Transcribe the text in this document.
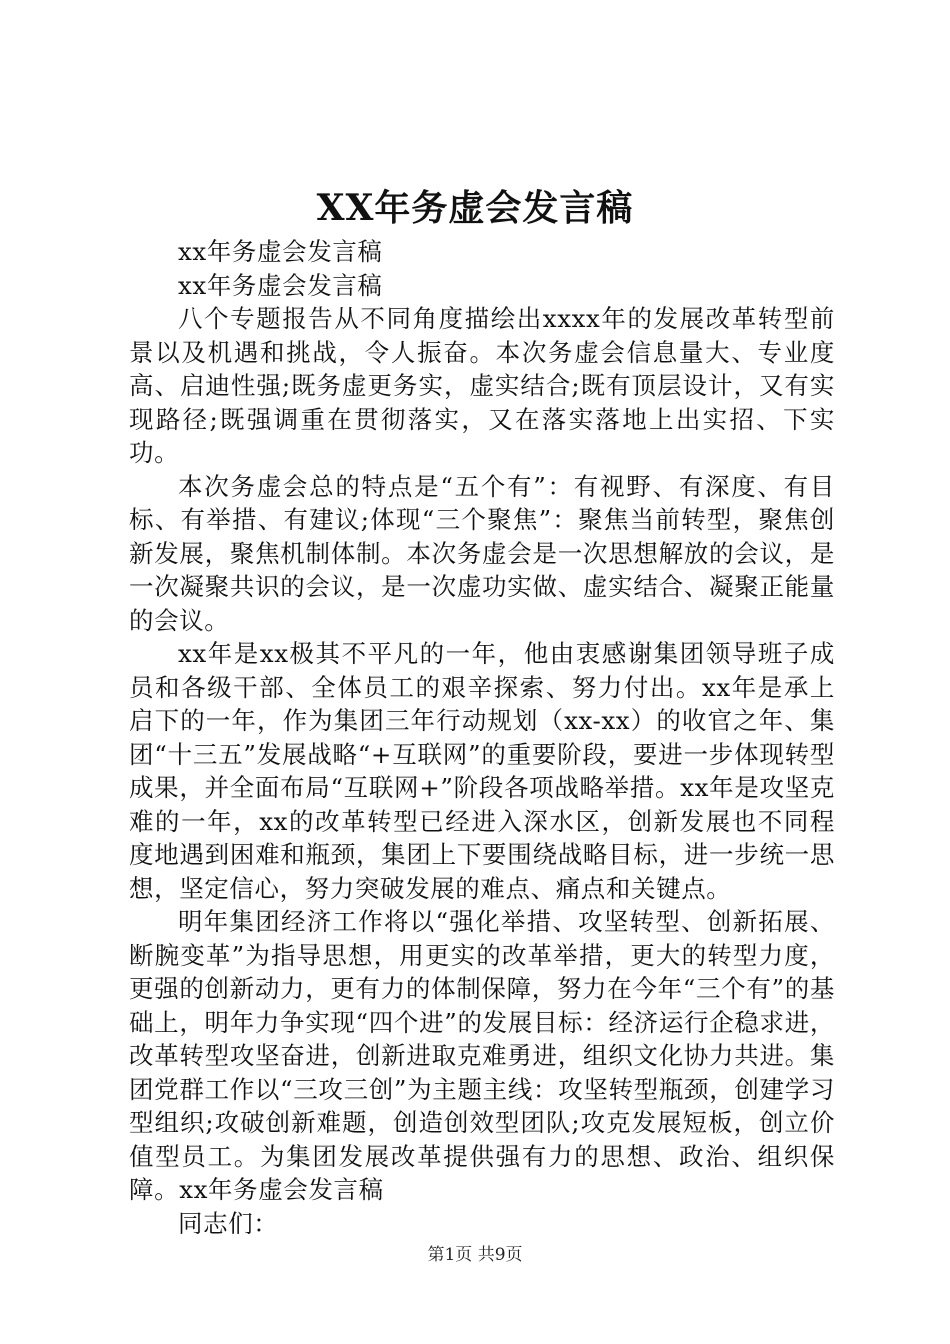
XX年务虚会发言稿

xx年务虚会发言稿

xx年务虚会发言稿

八个专题报告从不同角度描绘出xxxx年的发展改革转型前景以及机遇和挑战，令人振奋。本次务虚会信息量大、专业度高、启迪性强;既务虚更务实，虚实结合;既有顶层设计，又有实现路径;既强调重在贯彻落实，又在落实落地上出实招、下实功。

本次务虚会总的特点是“五个有”：有视野、有深度、有目标、有举措、有建议;体现“三个聚焦”：聚焦当前转型，聚焦创新发展，聚焦机制体制。本次务虚会是一次思想解放的会议，是一次凝聚共识的会议，是一次虚功实做、虚实结合、凝聚正能量的会议。

xx年是xx极其不平凡的一年，他由衷感谢集团领导班子成员和各级干部、全体员工的艰辛探索、努力付出。xx年是承上启下的一年，作为集团三年行动规划（xx-xx）的收官之年、集团“十三五”发展战略“+互联网”的重要阶段，要进一步体现转型成果，并全面布局“互联网+”阶段各项战略举措。xx年是攻坚克难的一年，xx的改革转型已经进入深水区，创新发展也不同程度地遇到困难和瓶颈，集团上下要围绕战略目标，进一步统一思想，坚定信心，努力突破发展的难点、痛点和关键点。

明年集团经济工作将以“强化举措、攻坚转型、创新拓展、断腕变革”为指导思想，用更实的改革举措，更大的转型力度，更强的创新动力，更有力的体制保障，努力在今年“三个有”的基础上，明年力争实现“四个进”的发展目标：经济运行企稳求进，改革转型攻坚奋进，创新进取克难勇进，组织文化协力共进。集团党群工作以“三攻三创”为主题主线：攻坚转型瓶颈，创建学习型组织;攻破创新难题，创造创效型团队;攻克发展短板，创立价值型员工。为集团发展改革提供强有力的思想、政治、组织保障。xx年务虚会发言稿

同志们：

第1页 共9页
